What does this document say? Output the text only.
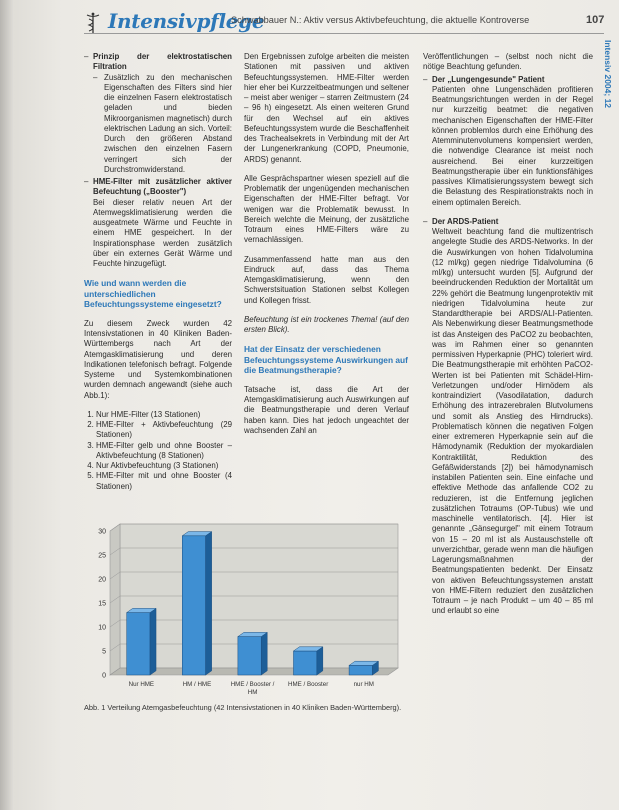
Intensivpflege
Schwabbauer N.: Aktiv versus Aktivbefeuchtung, die aktuelle Kontroverse	107
Intensiv 2004; 12
– Prinzip der elektrostatischen Filtration
– Zusätzlich zu den mechanischen Eigenschaften des Filters sind hier die einzelnen Fasern elektrostatisch geladen und bieden Mikroorganismen magnetisch) durch elektrischen Ladung an sich. Vorteil: Durch den größeren Abstand zwischen den einzelnen Fasern verringert sich der Durchstromwiderstand.
– HME-Filter mit zusätzlicher aktiver Befeuchtung („Booster")
Bei dieser relativ neuen Art der Atemwegsklimatisierung werden die ausgeatmete Wärme und Feuchte in einem HME gespeichert. In der Inspirationsphase werden zusätzlich über ein externes Gerät Wärme und Feuchte hinzugefügt.
Wie und wann werden die unterschiedlichen Befeuchtungssysteme eingesetzt?

Zu diesem Zweck wurden 42 Intensivstationen in 40 Kliniken Baden-Württembergs nach Art der Atemgasklimatisierung und deren Indikationen telefonisch befragt. Folgende Systeme und Systemkombinationen wurden demnach angewandt (siehe auch Abb.1):

1. Nur HME-Filter (13 Stationen)
2. HME-Filter + Aktivbefeuchtung (29 Stationen)
3. HME-Filter gelb und ohne Booster – Aktivbefeuchtung (8 Stationen)
4. Nur Aktivbefeuchtung (3 Stationen)
5. HME-Filter mit und ohne Booster (4 Stationen)

Den Ergebnissen zufolge arbeiten die meisten Stationen mit passiven und aktiven Befeuchtungssystemen. HME-Filter werden hier eher bei Kurzzeitbeatmungen und seltener – meist aber weniger – starren Zeitmustern (24 – 96 h) eingesetzt. Als einen weiteren Grund für den Wechsel auf ein aktives Befeuchtungssystem wurde die Beschaffenheit des Trachealsekrets in Verbindung mit der Art der Lungenerkrankung (COPD, Pneumonie, ARDS) genannt.

Alle Gesprächspartner wiesen speziell auf die Problematik der ungenügenden mechanischen Eigenschaften der HME-Filter befragt. Vor wenigen war die Problematik bewusst. In Bereich welchte die Meinung, der zusätzliche Totraum eines HME-Filters wäre zu vernachlässigen.

Zusammenfassend hatte man aus den Eindruck auf, dass das Thema Atemgasklimatisierung, wenn den Schwerstsituation Stationen selbst Kollegen und Kollegen frisst.

Befeuchtung ist ein trockenes Thema! (auf den ersten Blick).

Hat der Einsatz der verschiedenen Befeuchtungssysteme Auswirkungen auf die Beatmungstherapie?

Tatsache ist, dass die Art der Atemgasklimatisierung auch Auswirkungen auf die Beatmungstherapie und deren Verlauf haben kann. Dies hat jedoch ungeachtet der wachsenden Zahl an

Veröffentlichungen – (selbst noch nicht die nötige Beachtung gefunden.

– Der „Lungengesunde" Patient
Patienten ohne Lungenschäden profitieren Beatmungsrichtungen werden in der Regel nur kurzzeitig beatmet: die negativen mechanischen Eigenschaften der HME-Filter können problemlos durch eine Erhöhung des Atemminutenvolumens kompensiert werden, die notwendige Clearance ist meist noch ausreichend. Bei einer kurzzeitigen Beatmungstherapie über ein funktionsfähiges passives Klimatisierungssystem bewegt sich die Belastung des Respirationstrakts noch in einem optimalen Bereich.
– Der ARDS-Patient
Weltweit beachtung fand die multizentrisch angelegte Studie des ARDS-Networks. In der die Auswirkungen von hohen Tidalvolumina (12 ml/kg) gegen niedrige Tidalvolumina (6 ml/kg) untersucht wurden [5]. Aufgrund der beeindruckenden Reduktion der Mortalität um 22% gehört die Beatmung lungenprotektiv mit niedrigen Tidalvolumina heute zur Standardtherapie bei ARDS/ALI-Patienten. Als Nebenwirkung dieser Beatmungsmethode ist das Ansteigen des PaCO2 zu beobachten, was im Rahmen einer so genannten permissiven Hyperkapnie (PHC) toleriert wird. Die Beatmungstherapie mit erhöhten PaCO2-Werten ist bei Patienten mit Schädel-Hirn-Verletzungen und/oder Hirnödem als kontraindiziert (Vasodilatation, dadurch Erhöhung des intrazerebralen Blutvolumens und somit als Anstieg des Hirndrucks). Problematisch können die negativen Folgen einer extremeren Hyperkapnie sein auf die Hämodynamik (Reduktion der myokardialen Kontraktilität, Reduktion des Gefäßwiderstands [2]) bei hämodynamisch instabilen Patienten sein. Eine einfache und effektive Methode das anfallende CO2 zu reduzieren, ist die Entfernung jeglichen zusätzlichen Totraums (OP-Tubus) wie und maschinelle ventilatorisch. [4]. Hier ist genannte „Gänsegurgel" mit einem Totraum von 15 – 20 ml ist als Austauschstelle oft unverzichtbar, gerade wenn man die häufigen Lagerungsmaßnahmen der Beatmungspatienten bedenkt. Der Einsatz von aktiven Befeuchtungssystemen anstatt von HME-Filtern reduziert den zusätzlichen Totraum – je nach Produkt – um 40 – 85 ml und erlaubt so eine
0
5
10
15
20
25
30
Nur HME	HM / HME	HME / Booster /
HM
HME / Booster	nur HM
Abb. 1 Verteilung Atemgasbefeuchtung (42 Intensivstationen in 40 Kliniken Baden-Württemberg).
